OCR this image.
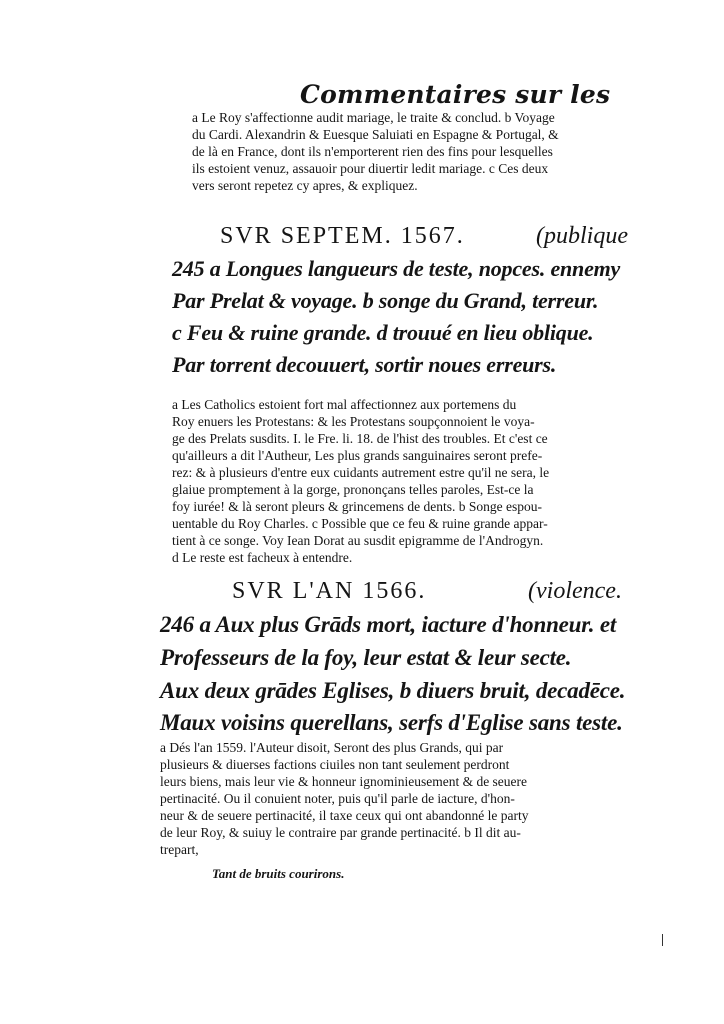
Commentaires sur les
a Le Roy s'affectionne audit mariage, le traite & conclud. b Voyage
du Cardi. Alexandrin & Euesque Saluiati en Espagne & Portugal, &
de là en France, dont ils n'emporterent rien des fins pour lesquelles
ils estoient venuz, assauoir pour diuertir ledit mariage. c Ces deux
vers seront repetez cy apres, & expliquez.
SVR SEPTEM. 1567.	(publique
245 a Longues langueurs de teste, nopces. ennemy
Par Prelat & voyage. b songe du Grand, terreur.
c Feu & ruine grande. d trouué en lieu oblique.
Par torrent decouuert, sortir noues erreurs.
a Les Catholics estoient fort mal affectionnez aux portemens du
Roy enuers les Protestans: & les Protestans soupçonnoient le voya-
ge des Prelats susdits. I. le Fre. li. 18. de l'hist des troubles. Et c'est ce
qu'ailleurs a dit l'Autheur, Les plus grands sanguinaires seront prefe-
rez: & à plusieurs d'entre eux cuidants autrement estre qu'il ne sera, le
glaiue promptement à la gorge, prononçans telles paroles, Est-ce la
foy iurée! & là seront pleurs & grincemens de dents. b Songe espou-
uentable du Roy Charles. c Possible que ce feu & ruine grande appar-
tient à ce songe. Voy Iean Dorat au susdit epigramme de l'Androgyn.
d Le reste est facheux à entendre.
SVR L'AN 1566.	(violence.
246 a Aux plus Grāds mort, iacture d'honneur. et
Professeurs de la foy, leur estat & leur secte.
Aux deux grādes Eglises, b diuers bruit, decadēce.
Maux voisins querellans, serfs d'Eglise sans teste.
a Dés l'an 1559. l'Auteur disoit, Seront des plus Grands, qui par
plusieurs & diuerses factions ciuiles non tant seulement perdront
leurs biens, mais leur vie & honneur ignominieusement & de seuere
pertinacité. Ou il conuient noter, puis qu'il parle de iacture, d'hon-
neur & de seuere pertinacité, il taxe ceux qui ont abandonné le party
de leur Roy, & suiuy le contraire par grande pertinacité. b Il dit au-
trepart,
Tant de bruits courirons.
